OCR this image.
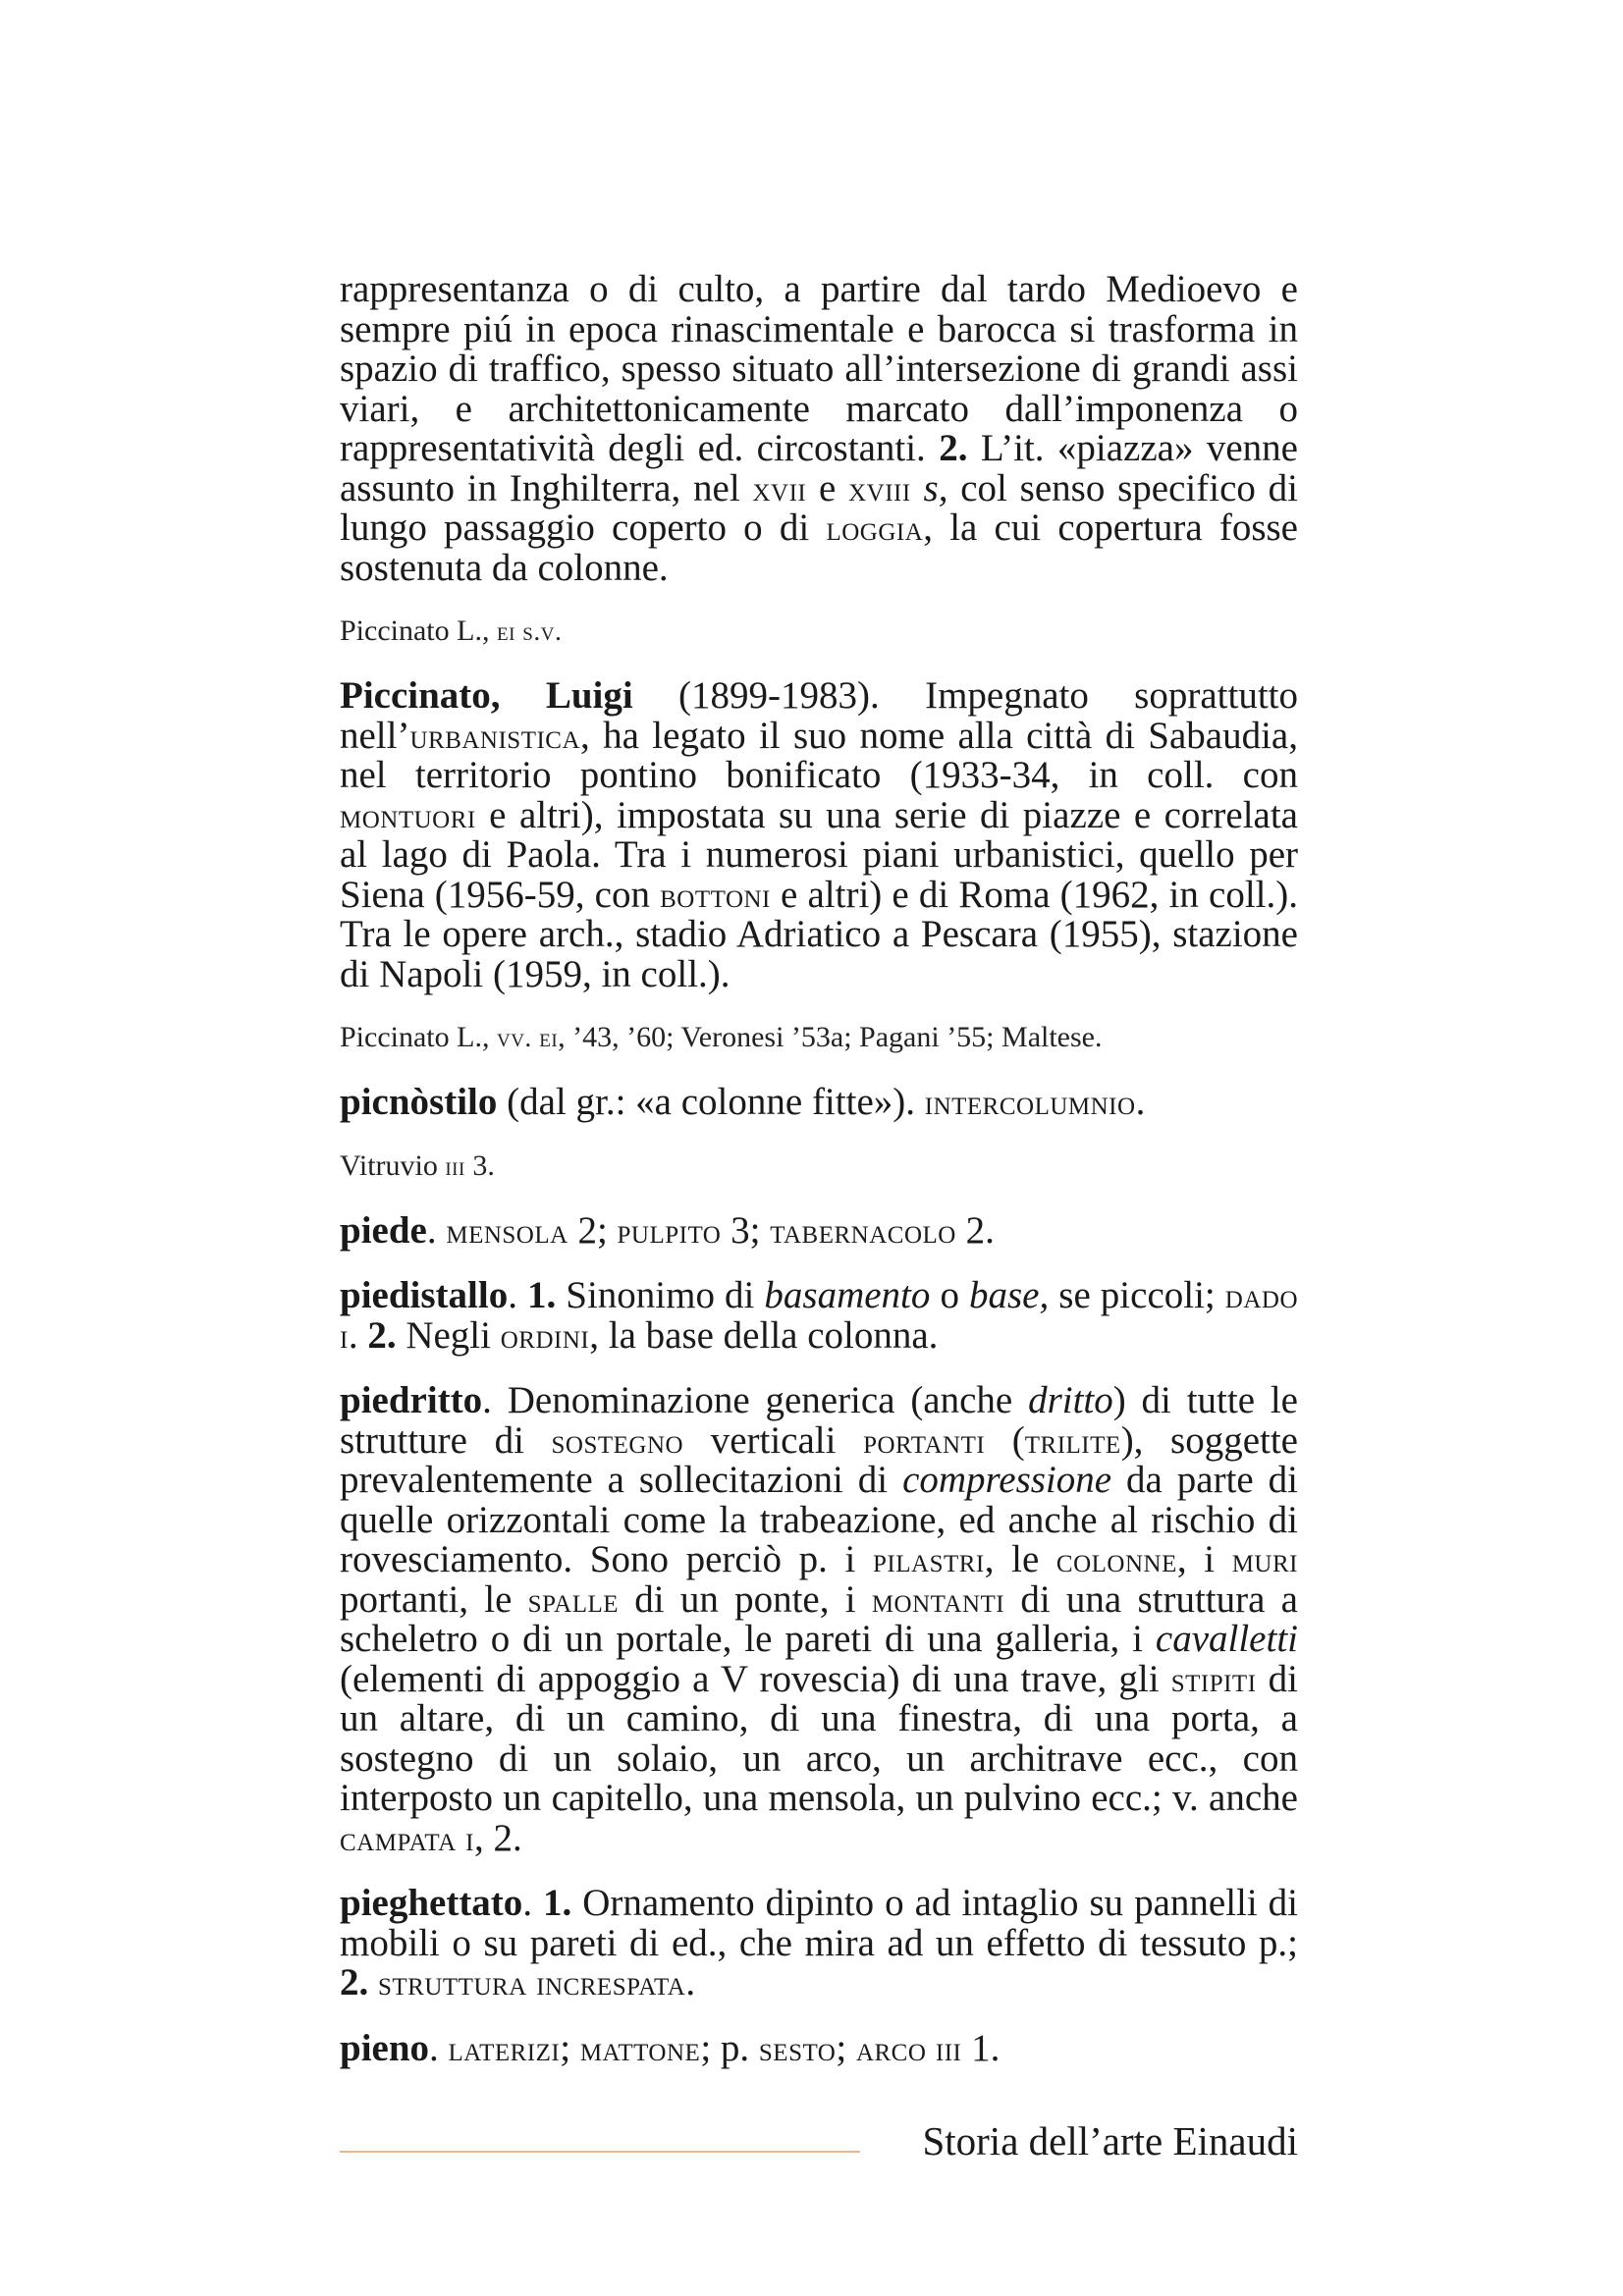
rappresentanza o di culto, a partire dal tardo Medioevo e sempre piú in epoca rinascimentale e barocca si trasforma in spazio di traffico, spesso situato all’intersezione di grandi assi viari, e architettonicamente marcato dall’imponenza o rappresentatività degli ed. circostanti. 2. L’it. «piazza» venne assunto in Inghilterra, nel xvii e xviii s, col senso specifico di lungo passaggio coperto o di loggia, la cui copertura fosse sostenuta da colonne.

Piccinato L., ei s.v.

Piccinato, Luigi (1899-1983). Impegnato soprattutto nell’urbanistica, ha legato il suo nome alla città di Sabaudia, nel territorio pontino bonificato (1933-34, in coll. con montuori e altri), impostata su una serie di piazze e correlata al lago di Paola. Tra i numerosi piani urbanistici, quello per Siena (1956-59, con bottoni e altri) e di Roma (1962, in coll.). Tra le opere arch., stadio Adriatico a Pescara (1955), stazione di Napoli (1959, in coll.).

Piccinato L., vv. ei, ’43, ’60; Veronesi ’53a; Pagani ’55; Maltese.

picnòstilo (dal gr.: «a colonne fitte»). intercolumnio.

Vitruvio iii 3.

piede. mensola 2; pulpito 3; tabernacolo 2.

piedistallo. 1. Sinonimo di basamento o base, se piccoli; dado i. 2. Negli ordini, la base della colonna.

piedritto. Denominazione generica (anche dritto) di tutte le strutture di sostegno verticali portanti (trilite), soggette prevalentemente a sollecitazioni di compressione da parte di quelle orizzontali come la trabeazione, ed anche al rischio di rovesciamento. Sono perciò p. i pilastri, le colonne, i muri portanti, le spalle di un ponte, i montanti di una struttura a scheletro o di un portale, le pareti di una galleria, i cavalletti (elementi di appoggio a V rovescia) di una trave, gli stipiti di un altare, di un camino, di una finestra, di una porta, a sostegno di un solaio, un arco, un architrave ecc., con interposto un capitello, una mensola, un pulvino ecc.; v. anche campata i, 2.

pieghettato. 1. Ornamento dipinto o ad intaglio su pannelli di mobili o su pareti di ed., che mira ad un effetto di tessuto p.; 2. struttura increspata.

pieno. laterizi; mattone; p. sesto; arco iii 1.

Storia dell’arte Einaudi
